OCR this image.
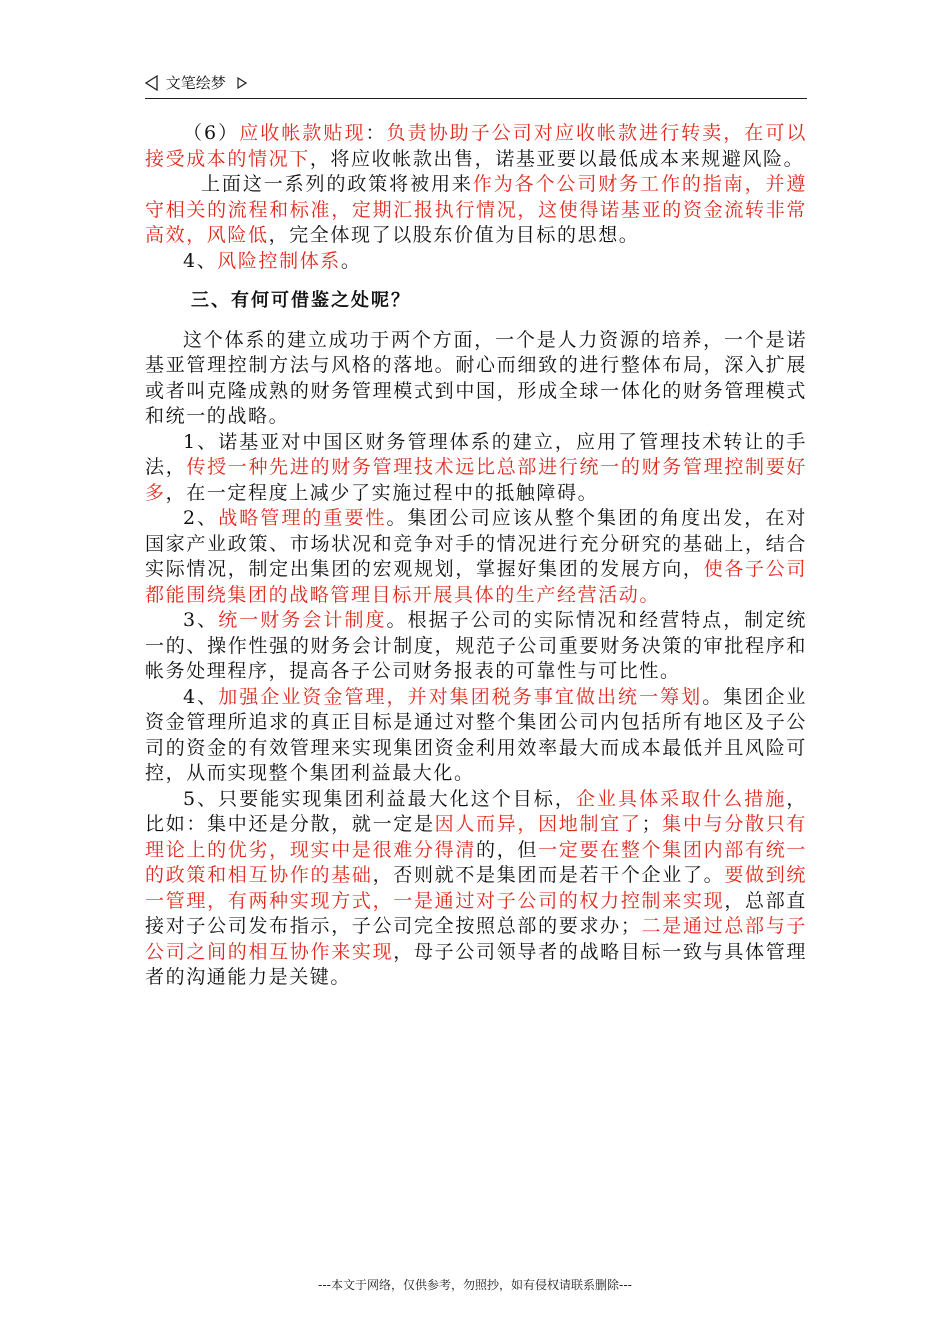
文笔绘梦

（6）应收帐款贴现：负责协助子公司对应收帐款进行转卖，在可以接受成本的情况下，将应收帐款出售，诺基亚要以最低成本来规避风险。

上面这一系列的政策将被用来作为各个公司财务工作的指南，并遵守相关的流程和标准，定期汇报执行情况，这使得诺基亚的资金流转非常高效，风险低，完全体现了以股东价值为目标的思想。

4、风险控制体系。

三、有何可借鉴之处呢？

这个体系的建立成功于两个方面，一个是人力资源的培养，一个是诺基亚管理控制方法与风格的落地。耐心而细致的进行整体布局，深入扩展或者叫克隆成熟的财务管理模式到中国，形成全球一体化的财务管理模式和统一的战略。

1、诺基亚对中国区财务管理体系的建立，应用了管理技术转让的手法，传授一种先进的财务管理技术远比总部进行统一的财务管理控制要好多，在一定程度上减少了实施过程中的抵触障碍。

2、战略管理的重要性。集团公司应该从整个集团的角度出发，在对国家产业政策、市场状况和竞争对手的情况进行充分研究的基础上，结合实际情况，制定出集团的宏观规划，掌握好集团的发展方向，使各子公司都能围绕集团的战略管理目标开展具体的生产经营活动。

3、统一财务会计制度。根据子公司的实际情况和经营特点，制定统一的、操作性强的财务会计制度，规范子公司重要财务决策的审批程序和帐务处理程序，提高各子公司财务报表的可靠性与可比性。

4、加强企业资金管理，并对集团税务事宜做出统一筹划。集团企业资金管理所追求的真正目标是通过对整个集团公司内包括所有地区及子公司的资金的有效管理来实现集团资金利用效率最大而成本最低并且风险可控，从而实现整个集团利益最大化。

5、只要能实现集团利益最大化这个目标，企业具体采取什么措施，比如：集中还是分散，就一定是因人而异，因地制宜了；集中与分散只有理论上的优劣，现实中是很难分得清的，但一定要在整个集团内部有统一的政策和相互协作的基础，否则就不是集团而是若干个企业了。要做到统一管理，有两种实现方式，一是通过对子公司的权力控制来实现，总部直接对子公司发布指示，子公司完全按照总部的要求办；二是通过总部与子公司之间的相互协作来实现，母子公司领导者的战略目标一致与具体管理者的沟通能力是关键。

---本文于网络，仅供参考，勿照抄，如有侵权请联系删除---
